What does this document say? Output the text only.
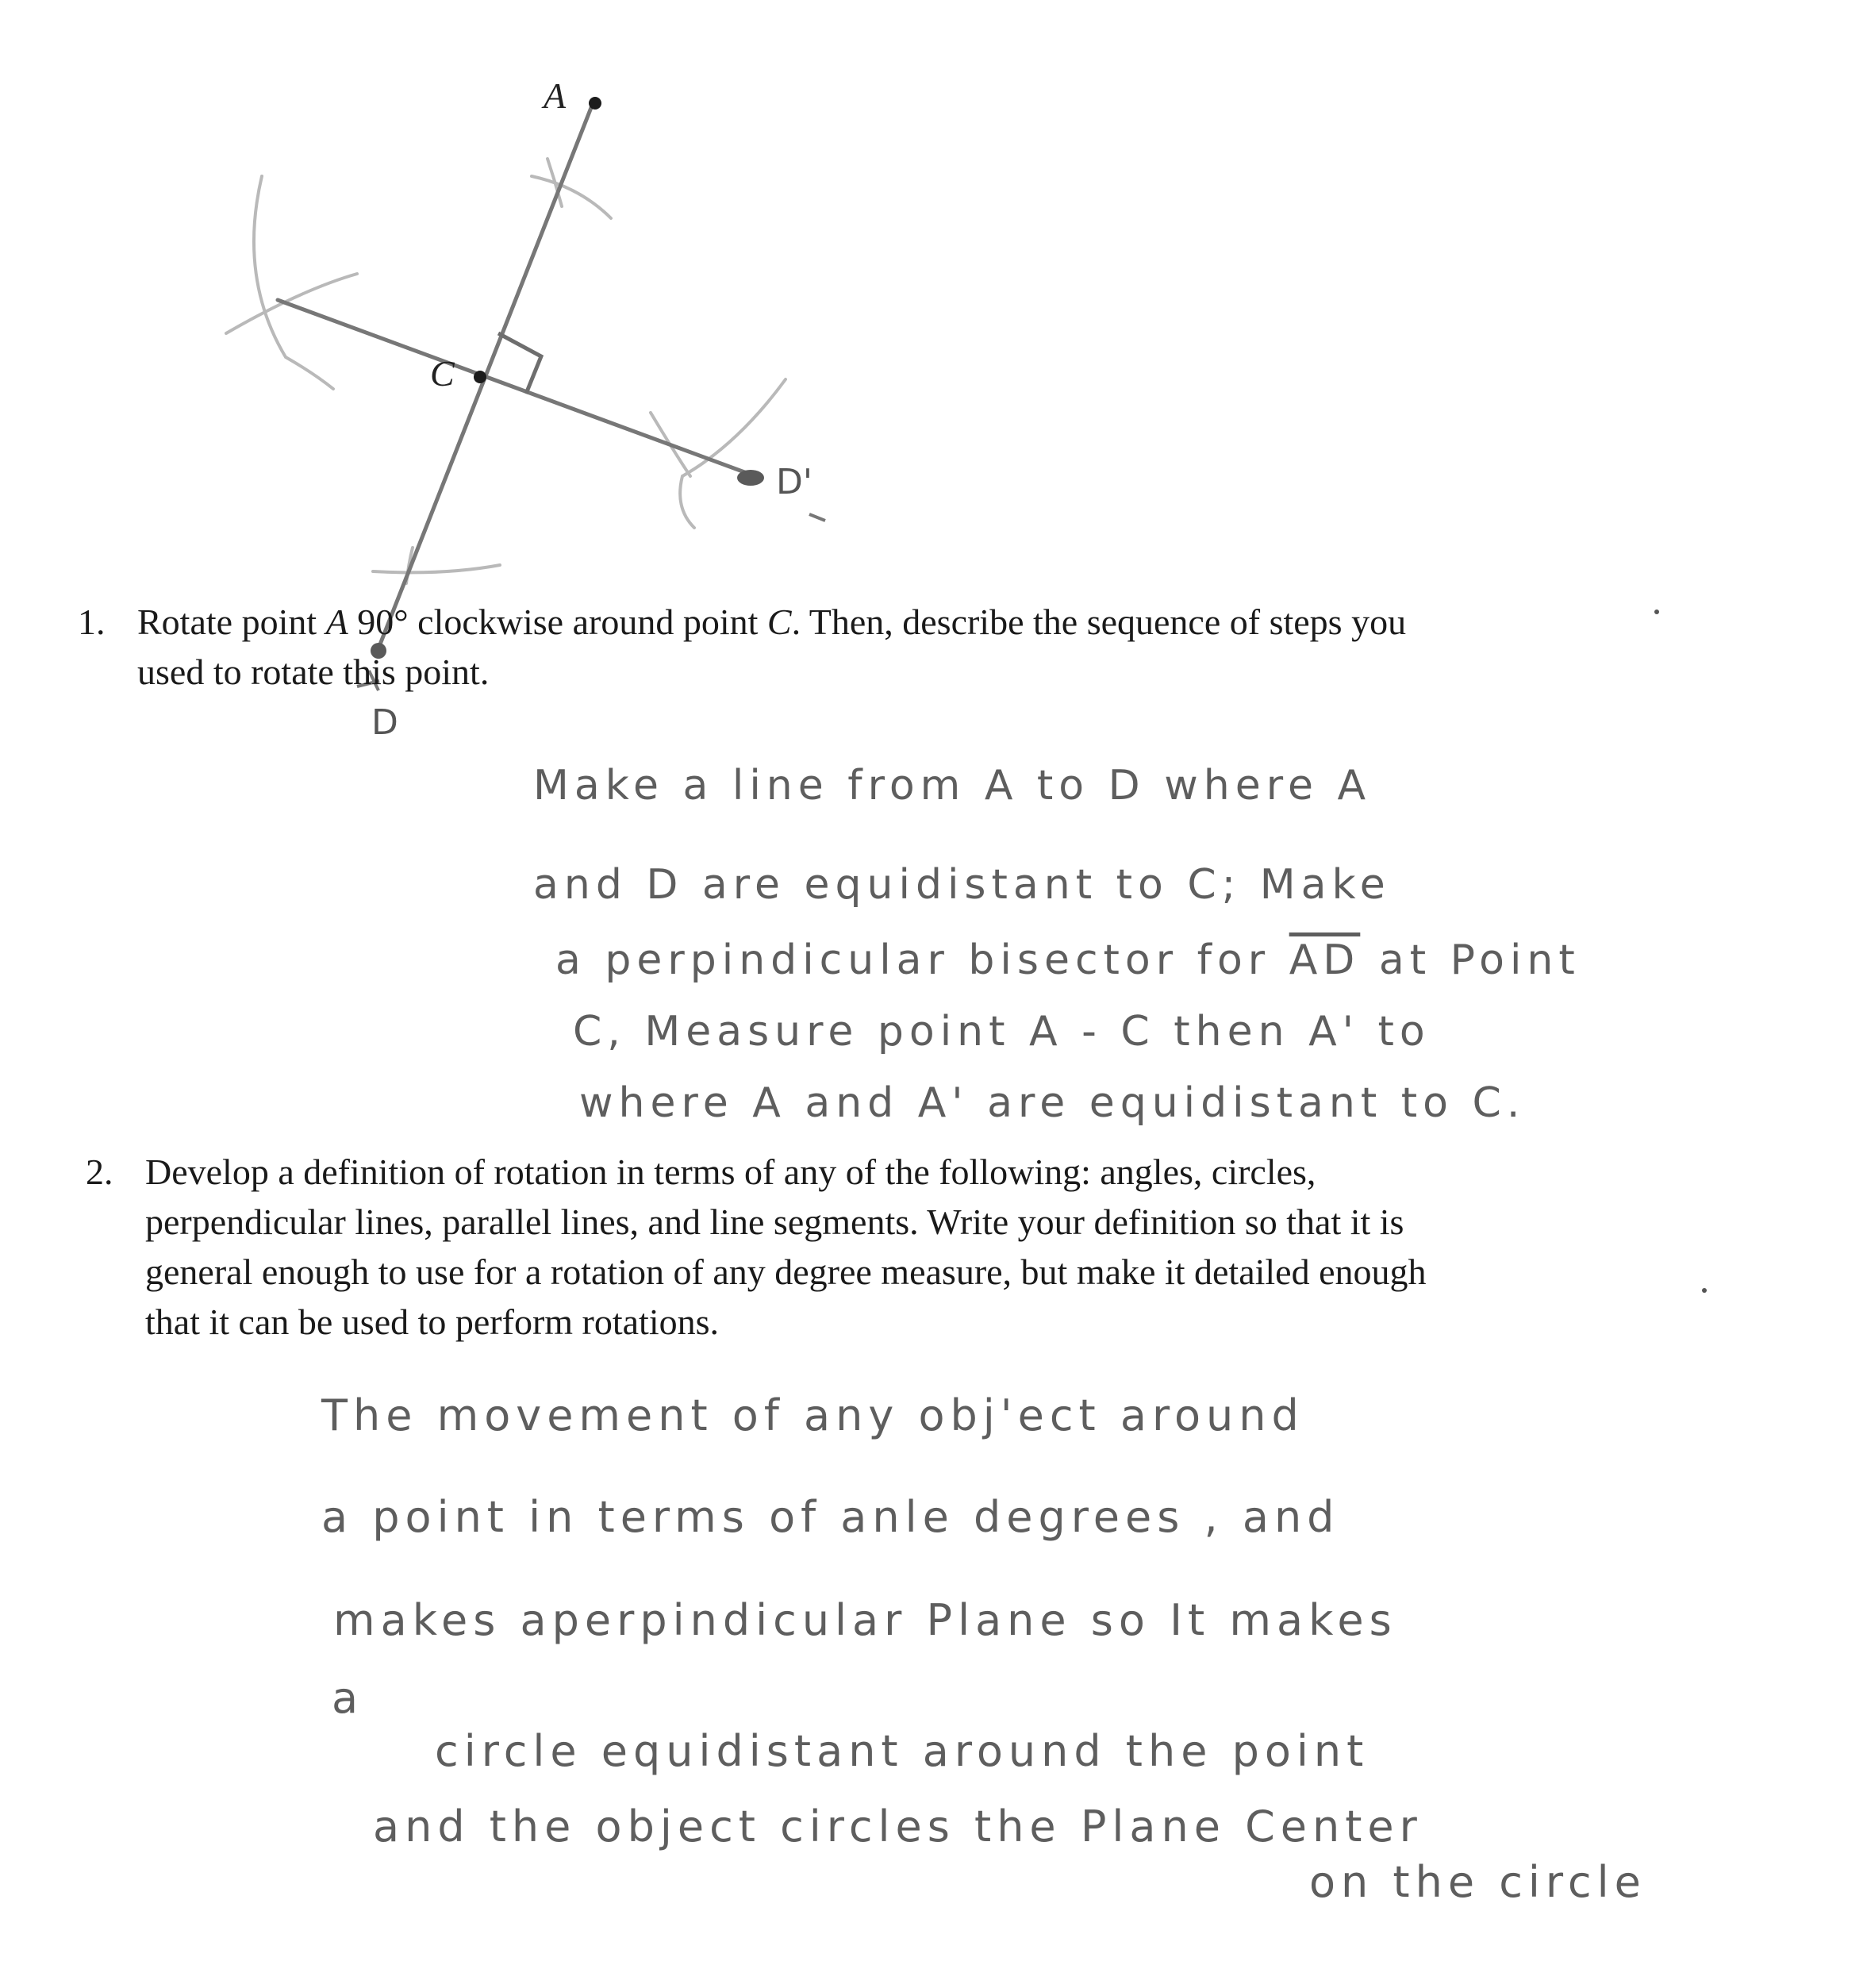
A
C
D
D'
1. Rotate point A 90° clockwise around point C. Then, describe the sequence of steps you
used to rotate this point.
Make a line from A to D where A
and D are equidistant to C; Make
a perpindicular bisector for $\overline{AD}$ at Point
C, Measure point A - C then A' to
where A and A' are equidistant to C.
2. Develop a definition of rotation in terms of any of the following: angles, circles,
perpendicular lines, parallel lines, and line segments. Write your definition so that it is
general enough to use for a rotation of any degree measure, but make it detailed enough
that it can be used to perform rotations.
The movement of any obj'ect around
a point in terms of anle degrees , and
makes aperpindicular Plane so It makes
a
circle equidistant around the point
and the object circles the Plane Center
on the circle
